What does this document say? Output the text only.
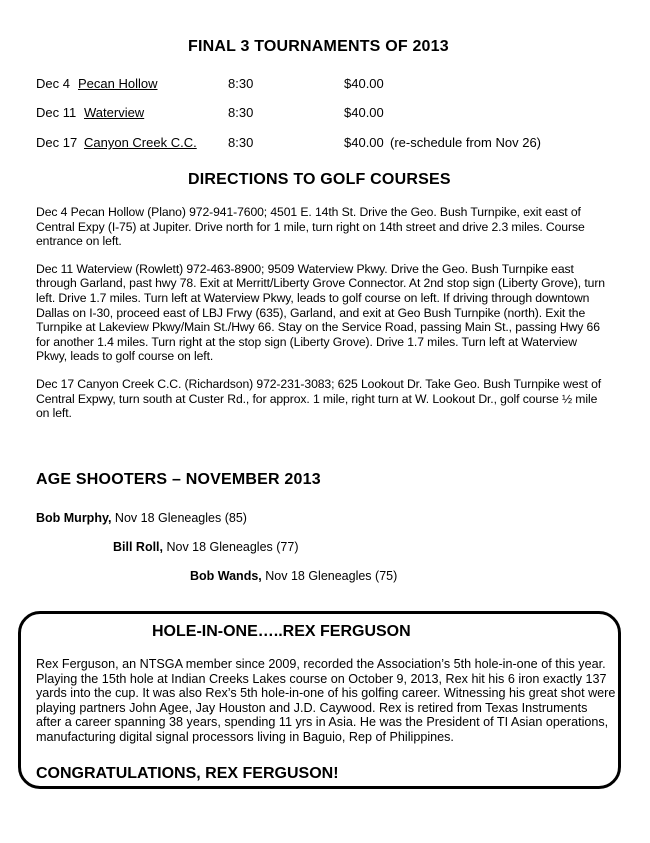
FINAL 3 TOURNAMENTS OF 2013
Dec 4 Pecan Hollow	8:30	$40.00
Dec 11 Waterview	8:30	$40.00
Dec 17 Canyon Creek C.C. 8:30	$40.00 (re-schedule from Nov 26)
DIRECTIONS TO GOLF COURSES

Dec 4 Pecan Hollow (Plano) 972-941-7600; 4501 E. 14th St. Drive the Geo. Bush Turnpike, exit east of Central Expy (I-75) at Jupiter. Drive north for 1 mile, turn right on 14th street and drive 2.3 miles. Course entrance on left.

Dec 11 Waterview (Rowlett) 972-463-8900; 9509 Waterview Pkwy. Drive the Geo. Bush Turnpike east through Garland, past hwy 78. Exit at Merritt/Liberty Grove Connector. At 2nd stop sign (Liberty Grove), turn left. Drive 1.7 miles. Turn left at Waterview Pkwy, leads to golf course on left. If driving through downtown Dallas on I-30, proceed east of LBJ Frwy (635), Garland, and exit at Geo Bush Turnpike (north). Exit the Turnpike at Lakeview Pkwy/Main St./Hwy 66. Stay on the Service Road, passing Main St., passing Hwy 66 for another 1.4 miles. Turn right at the stop sign (Liberty Grove). Drive 1.7 miles. Turn left at Waterview Pkwy, leads to golf course on left.

Dec 17 Canyon Creek C.C. (Richardson) 972-231-3083; 625 Lookout Dr. Take Geo. Bush Turnpike west of Central Expwy, turn south at Custer Rd., for approx. 1 mile, right turn at W. Lookout Dr., golf course ½ mile on left.

AGE SHOOTERS – NOVEMBER 2013
Bob Murphy, Nov 18 Gleneagles (85)
Bill Roll, Nov 18 Gleneagles (77)
Bob Wands, Nov 18 Gleneagles (75)
HOLE-IN-ONE…..REX FERGUSON
Rex Ferguson, an NTSGA member since 2009, recorded the Association’s 5th hole-in-one of this year. Playing the 15th hole at Indian Creeks Lakes course on October 9, 2013, Rex hit his 6 iron exactly 137 yards into the cup. It was also Rex’s 5th hole-in-one of his golfing career. Witnessing his great shot were playing partners John Agee, Jay Houston and J.D. Caywood. Rex is retired from Texas Instruments after a career spanning 38 years, spending 11 yrs in Asia. He was the President of TI Asian operations, manufacturing digital signal processors living in Baguio, Rep of Philippines.
CONGRATULATIONS, REX FERGUSON!
